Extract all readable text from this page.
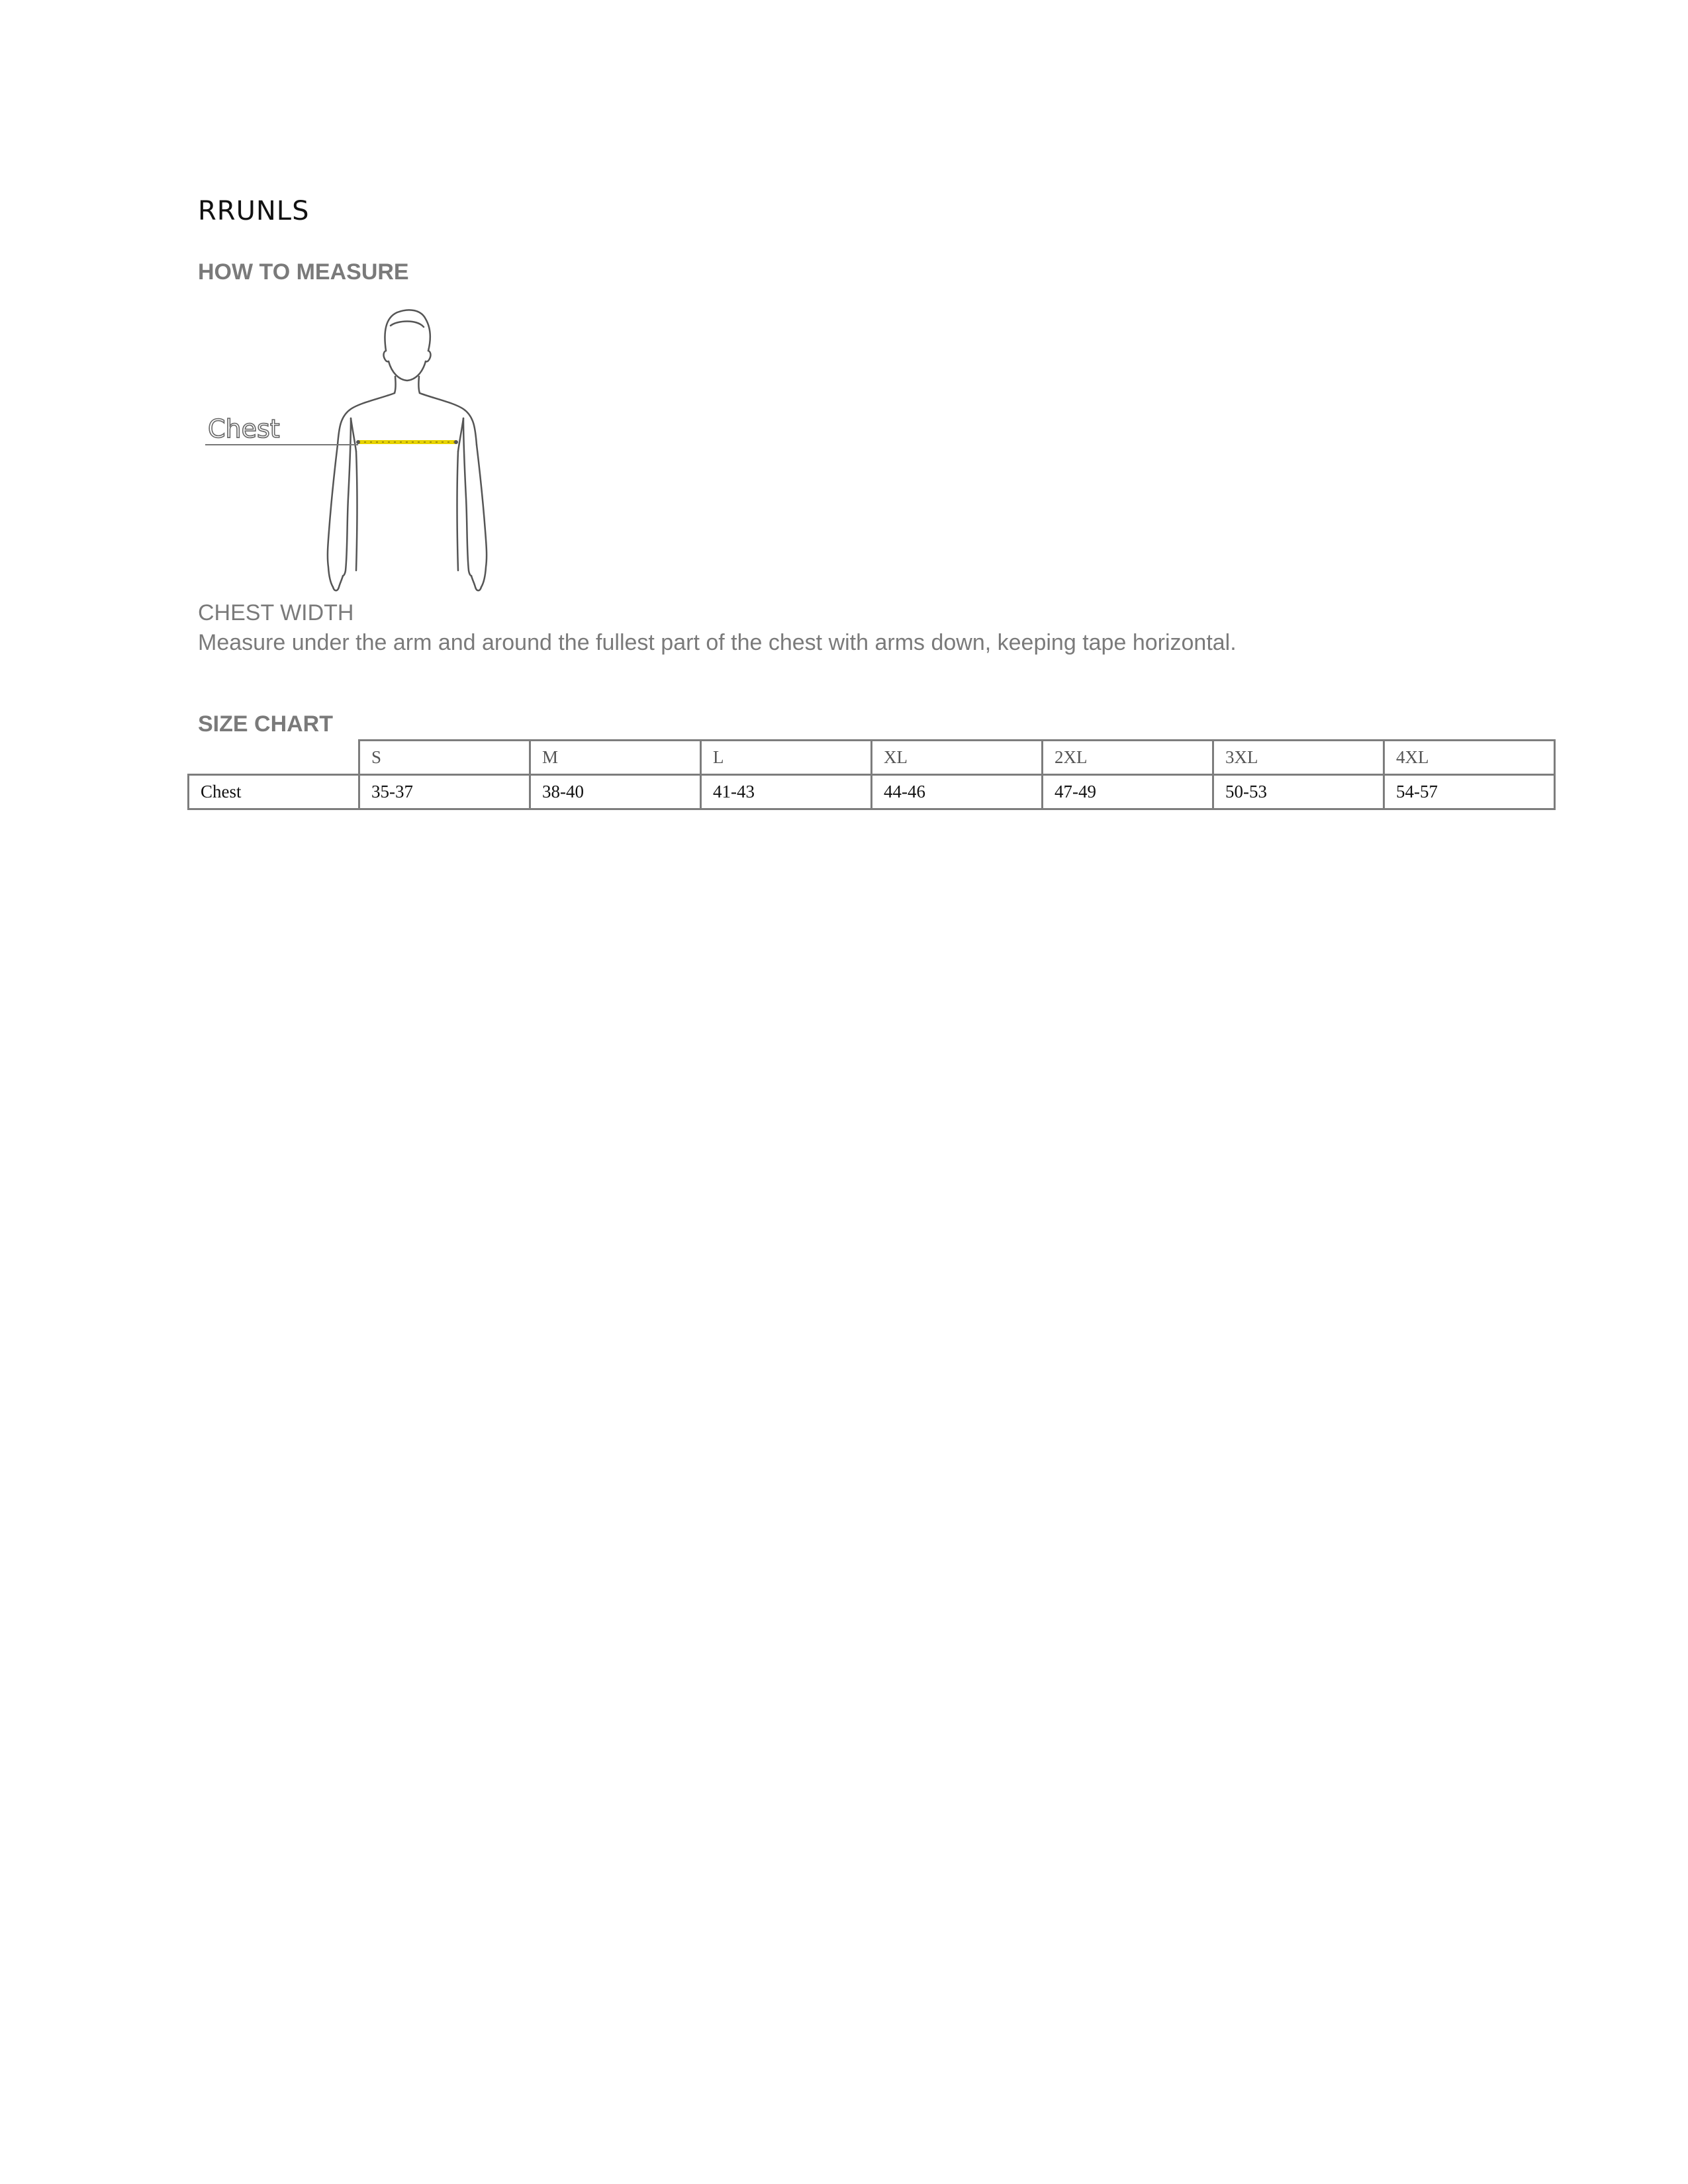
RRUNLS
HOW TO MEASURE
Chest
CHEST WIDTH
Measure under the arm and around the fullest part of the chest with arms down, keeping tape horizontal.
SIZE CHART
	S	M	L	XL	2XL	3XL	4XL
Chest	35-37	38-40	41-43	44-46	47-49	50-53	54-57
